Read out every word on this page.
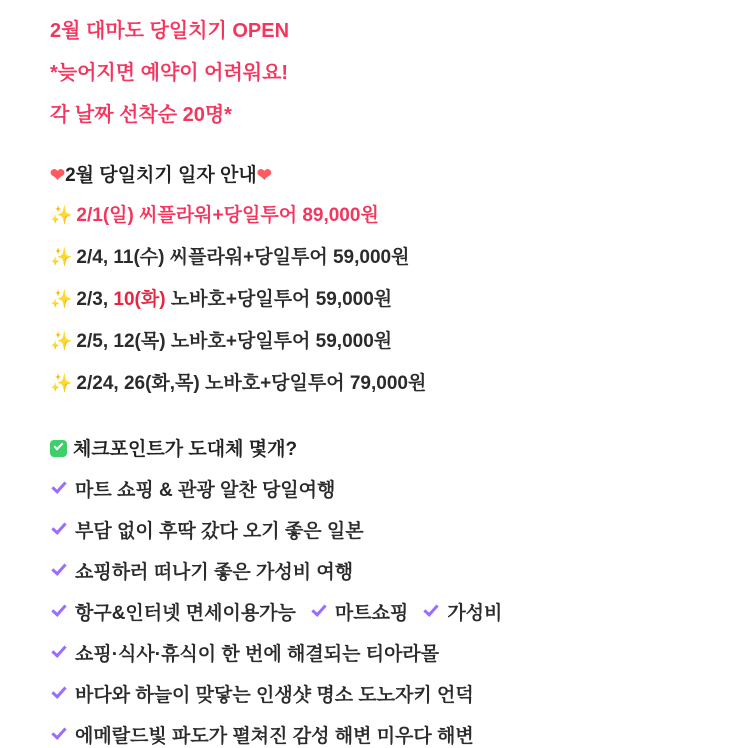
2월 대마도 당일치기 OPEN
*늦어지면 예약이 어려워요!
각 날짜 선착순 20명*
❤2월 당일치기 일자 안내❤
✨ 2/1(일) 씨플라워+당일투어 89,000원
✨ 2/4, 11(수) 씨플라워+당일투어 59,000원
✨ 2/3, 10(화) 노바호+당일투어 59,000원
✨ 2/5, 12(목) 노바호+당일투어 59,000원
✨ 2/24, 26(화,목) 노바호+당일투어 79,000원
체크포인트가 도대체 몇개?
마트 쇼핑 & 관광 알찬 당일여행
부담 없이 후딱 갔다 오기 좋은 일본
쇼핑하러 떠나기 좋은 가성비 여행
항구&인터넷 면세이용가능 마트쇼핑 가성비
쇼핑·식사·휴식이 한 번에 해결되는 티아라몰
바다와 하늘이 맞닿는 인생샷 명소 도노자키 언덕
에메랄드빛 파도가 펼쳐진 감성 해변 미우다 해변
